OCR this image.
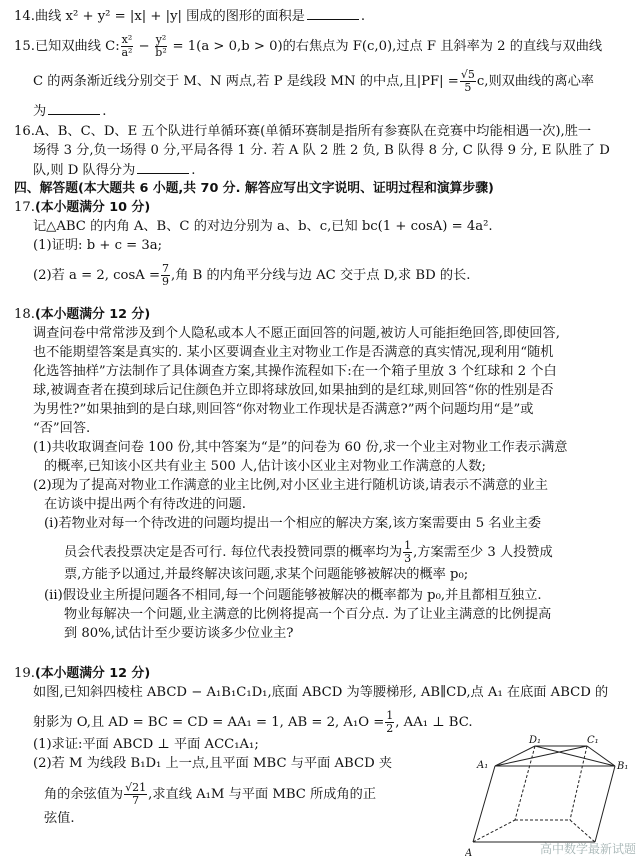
14.曲线 x² + y² = |x| + |y| 围成的图形的面积是	.
15.已知双曲线 C: $\frac{\text{x²}}{\text{a²}} - \frac{\text{y²}}{\text{b²}} = 1(a > 0,b > 0)$的右焦点为 F(c,0),过点 F 且斜率为 2 的直线与双曲线
C 的两条渐近线分别交于 M、N 两点,若 P 是线段 MN 的中点,且$|PF| = \frac{√5}{5} c$,则双曲线的离心率
为	.
16.A、B、C、D、E 五个队进行单循环赛(单循环赛制是指所有参赛队在竞赛中均能相遇一次),胜一
场得 3 分,负一场得 0 分,平局各得 1 分. 若 A 队 2 胜 2 负, B 队得 8 分, C 队得 9 分, E 队胜了 D
队,则 D 队得分为	.
四、解答题(本大题共 6 小题,共 70 分. 解答应写出文字说明、证明过程和演算步骤)
17.(本小题满分 10 分)
记△ABC 的内角 A、B、C 的对边分别为 a、b、c,已知 bc(1 + cosA) = 4a².
(1)证明: b + c = 3a;
(2)若 a = 2, $\cos A = \frac{7}{9}$ ,角 B 的内角平分线与边 AC 交于点 D,求 BD 的长.
18.(本小题满分 12 分)
调查问卷中常常涉及到个人隐私或本人不愿正面回答的问题,被访人可能拒绝回答,即使回答,
也不能期望答案是真实的. 某小区要调查业主对物业工作是否满意的真实情况,现利用“随机
化选答抽样”方法制作了具体调查方案,其操作流程如下:在一个箱子里放 3 个红球和 2 个白
球,被调查者在摸到球后记住颜色并立即将球放回,如果抽到的是红球,则回答“你的性别是否
为男性?”如果抽到的是白球,则回答“你对物业工作现状是否满意?”两个问题均用“是”或
“否”回答.
(1)共收取调查问卷 100 份,其中答案为“是”的问卷为 60 份,求一个业主对物业工作表示满意
的概率,已知该小区共有业主 500 人,估计该小区业主对物业工作满意的人数;
(2)现为了提高对物业工作满意的业主比例,对小区业主进行随机访谈,请表示不满意的业主
在访谈中提出两个有待改进的问题.
(i)若物业对每一个待改进的问题均提出一个相应的解决方案,该方案需要由 5 名业主委
员会代表投票决定是否可行. 每位代表投赞同票的概率均为 $\frac{1}{3}$ ,方案需至少 3 人投赞成
票,方能予以通过,并最终解决该问题,求某个问题能够被解决的概率 p₀;
(ii)假设业主所提问题各不相同,每一个问题能够被解决的概率都为 p₀,并且都相互独立.
物业每解决一个问题,业主满意的比例将提高一个百分点. 为了让业主满意的比例提高
到 80%,试估计至少要访谈多少位业主?
19.(本小题满分 12 分)
如图,已知斜四棱柱 ABCD − A₁B₁C₁D₁,底面 ABCD 为等腰梯形, AB∥CD,点 A₁ 在底面 ABCD 的
射影为 O,且 AD = BC = CD = AA₁ = 1, AB = 2, $A_1O = \frac{1}{2}$ , AA₁ ⊥ BC.
(1)求证:平面 ABCD ⊥ 平面 ACC₁A₁;
(2)若 M 为线段 B₁D₁ 上一点,且平面 MBC 与平面 ABCD 夹
角的余弦值为 $\frac{√21}{7}$ ,求直线 A₁M 与平面 MBC 所成角的正
弦值.
D₁	C₁
A₁	B₁
A	高中数学最新试题
